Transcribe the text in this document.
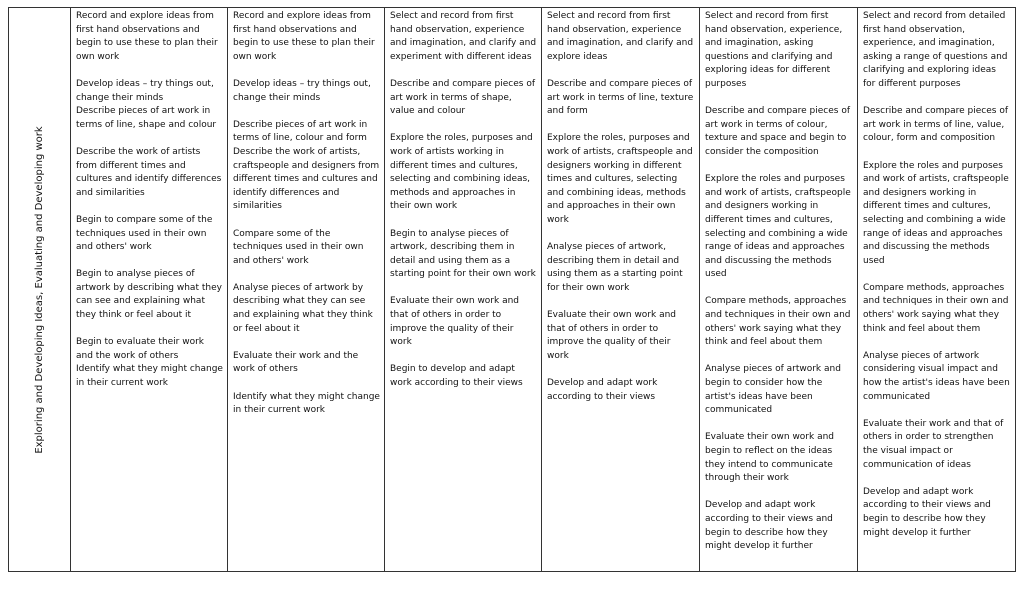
Exploring and Developing Ideas, Evaluating and Developing work

Record and explore ideas from first hand observations and begin to use these to plan their own work
Develop ideas – try things out, change their minds
Describe pieces of art work in terms of line, shape and colour
Describe the work of artists from different times and cultures and identify differences and similarities
Begin to compare some of the techniques used in their own and others' work
Begin to analyse pieces of artwork by describing what they can see and explaining what they think or feel about it
Begin to evaluate their work and the work of others
Identify what they might change in their current work

Record and explore ideas from first hand observations and begin to use these to plan their own work
Develop ideas – try things out, change their minds
Describe pieces of art work in terms of line, colour and form
Describe the work of artists, craftspeople and designers from different times and cultures and identify differences and similarities
Compare some of the techniques used in their own and others' work
Analyse pieces of artwork by describing what they can see and explaining what they think or feel about it
Evaluate their work and the work of others
Identify what they might change in their current work

Select and record from first hand observation, experience and imagination, and clarify and experiment with different ideas
Describe and compare pieces of art work in terms of shape, value and colour
Explore the roles, purposes and work of artists working in different times and cultures, selecting and combining ideas, methods and approaches in their own work
Begin to analyse pieces of artwork, describing them in detail and using them as a starting point for their own work
Evaluate their own work and that of others in order to improve the quality of their work
Begin to develop and adapt work according to their views

Select and record from first hand observation, experience and imagination, and clarify and explore ideas
Describe and compare pieces of art work in terms of line, texture and form
Explore the roles, purposes and work of artists, craftspeople and designers working in different times and cultures, selecting and combining ideas, methods and approaches in their own work
Analyse pieces of artwork, describing them in detail and using them as a starting point for their own work
Evaluate their own work and that of others in order to improve the quality of their work
Develop and adapt work according to their views

Select and record from first hand observation, experience, and imagination, asking questions and clarifying and exploring ideas for different purposes
Describe and compare pieces of art work in terms of colour, texture and space and begin to consider the composition
Explore the roles and purposes and work of artists, craftspeople and designers working in different times and cultures, selecting and combining a wide range of ideas and approaches and discussing the methods used
Compare methods, approaches and techniques in their own and others' work saying what they think and feel about them
Analyse pieces of artwork and begin to consider how the artist's ideas have been communicated
Evaluate their own work and begin to reflect on the ideas they intend to communicate through their work
Develop and adapt work according to their views and begin to describe how they might develop it further

Select and record from detailed first hand observation, experience, and imagination, asking a range of questions and clarifying and exploring ideas for different purposes
Describe and compare pieces of art work in terms of line, value, colour, form and composition
Explore the roles and purposes and work of artists, craftspeople and designers working in different times and cultures, selecting and combining a wide range of ideas and approaches and discussing the methods used
Compare methods, approaches and techniques in their own and others' work saying what they think and feel about them
Analyse pieces of artwork considering visual impact and how the artist's ideas have been communicated
Evaluate their work and that of others in order to strengthen the visual impact or communication of ideas
Develop and adapt work according to their views and begin to describe how they might develop it further
